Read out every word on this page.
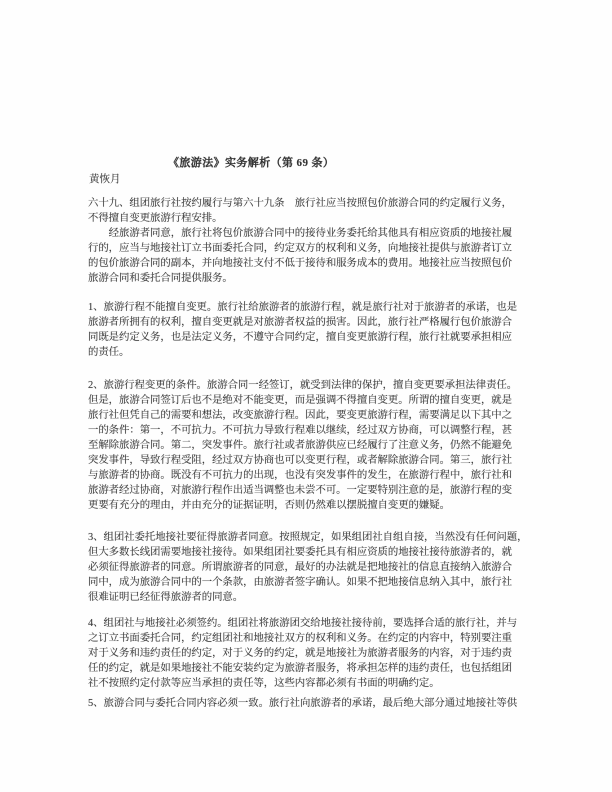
《旅游法》实务解析（第 69 条）
黄恢月
六十九、组团旅行社按约履行与第六十九条　旅行社应当按照包价旅游合同的约定履行义务，
不得擅自变更旅游行程安排。
　　经旅游者同意，旅行社将包价旅游合同中的接待业务委托给其他具有相应资质的地接社履
行的，应当与地接社订立书面委托合同，约定双方的权利和义务，向地接社提供与旅游者订立
的包价旅游合同的副本，并向地接社支付不低于接待和服务成本的费用。地接社应当按照包价
旅游合同和委托合同提供服务。
1、旅游行程不能擅自变更。旅行社给旅游者的旅游行程，就是旅行社对于旅游者的承诺，也是
旅游者所拥有的权利，擅自变更就是对旅游者权益的损害。因此，旅行社严格履行包价旅游合
同既是约定义务，也是法定义务，不遵守合同约定，擅自变更旅游行程，旅行社就要承担相应
的责任。
2、旅游行程变更的条件。旅游合同一经签订，就受到法律的保护，擅自变更要承担法律责任。
但是，旅游合同签订后也不是绝对不能变更，而是强调不得擅自变更。所谓的擅自变更，就是
旅行社但凭自己的需要和想法，改变旅游行程。因此，要变更旅游行程，需要满足以下其中之
一的条件：第一，不可抗力。不可抗力导致行程难以继续，经过双方协商，可以调整行程，甚
至解除旅游合同。第二，突发事件。旅行社或者旅游供应已经履行了注意义务，仍然不能避免
突发事件，导致行程受阻，经过双方协商也可以变更行程，或者解除旅游合同。第三，旅行社
与旅游者的协商。既没有不可抗力的出现，也没有突发事件的发生，在旅游行程中，旅行社和
旅游者经过协商，对旅游行程作出适当调整也未尝不可。一定要特别注意的是，旅游行程的变
更要有充分的理由，并由充分的证据证明，否则仍然难以摆脱擅自变更的嫌疑。
3、组团社委托地接社要征得旅游者同意。按照规定，如果组团社自组自接，当然没有任何问题，
但大多数长线团需要地接社接待。如果组团社要委托具有相应资质的地接社接待旅游者的，就
必须征得旅游者的同意。所谓旅游者的同意，最好的办法就是把地接社的信息直接纳入旅游合
同中，成为旅游合同中的一个条款，由旅游者签字确认。如果不把地接信息纳入其中，旅行社
很难证明已经征得旅游者的同意。
4、组团社与地接社必须签约。组团社将旅游团交给地接社接待前，要选择合适的旅行社，并与
之订立书面委托合同，约定组团社和地接社双方的权利和义务。在约定的内容中，特别要注重
对于义务和违约责任的约定，对于义务的约定，就是地接社为旅游者服务的内容，对于违约责
任的约定，就是如果地接社不能安装约定为旅游者服务，将承担怎样的违约责任，也包括组团
社不按照约定付款等应当承担的责任等，这些内容都必须有书面的明确约定。
5、旅游合同与委托合同内容必须一致。旅行社向旅游者的承诺，最后绝大部分通过地接社等供
